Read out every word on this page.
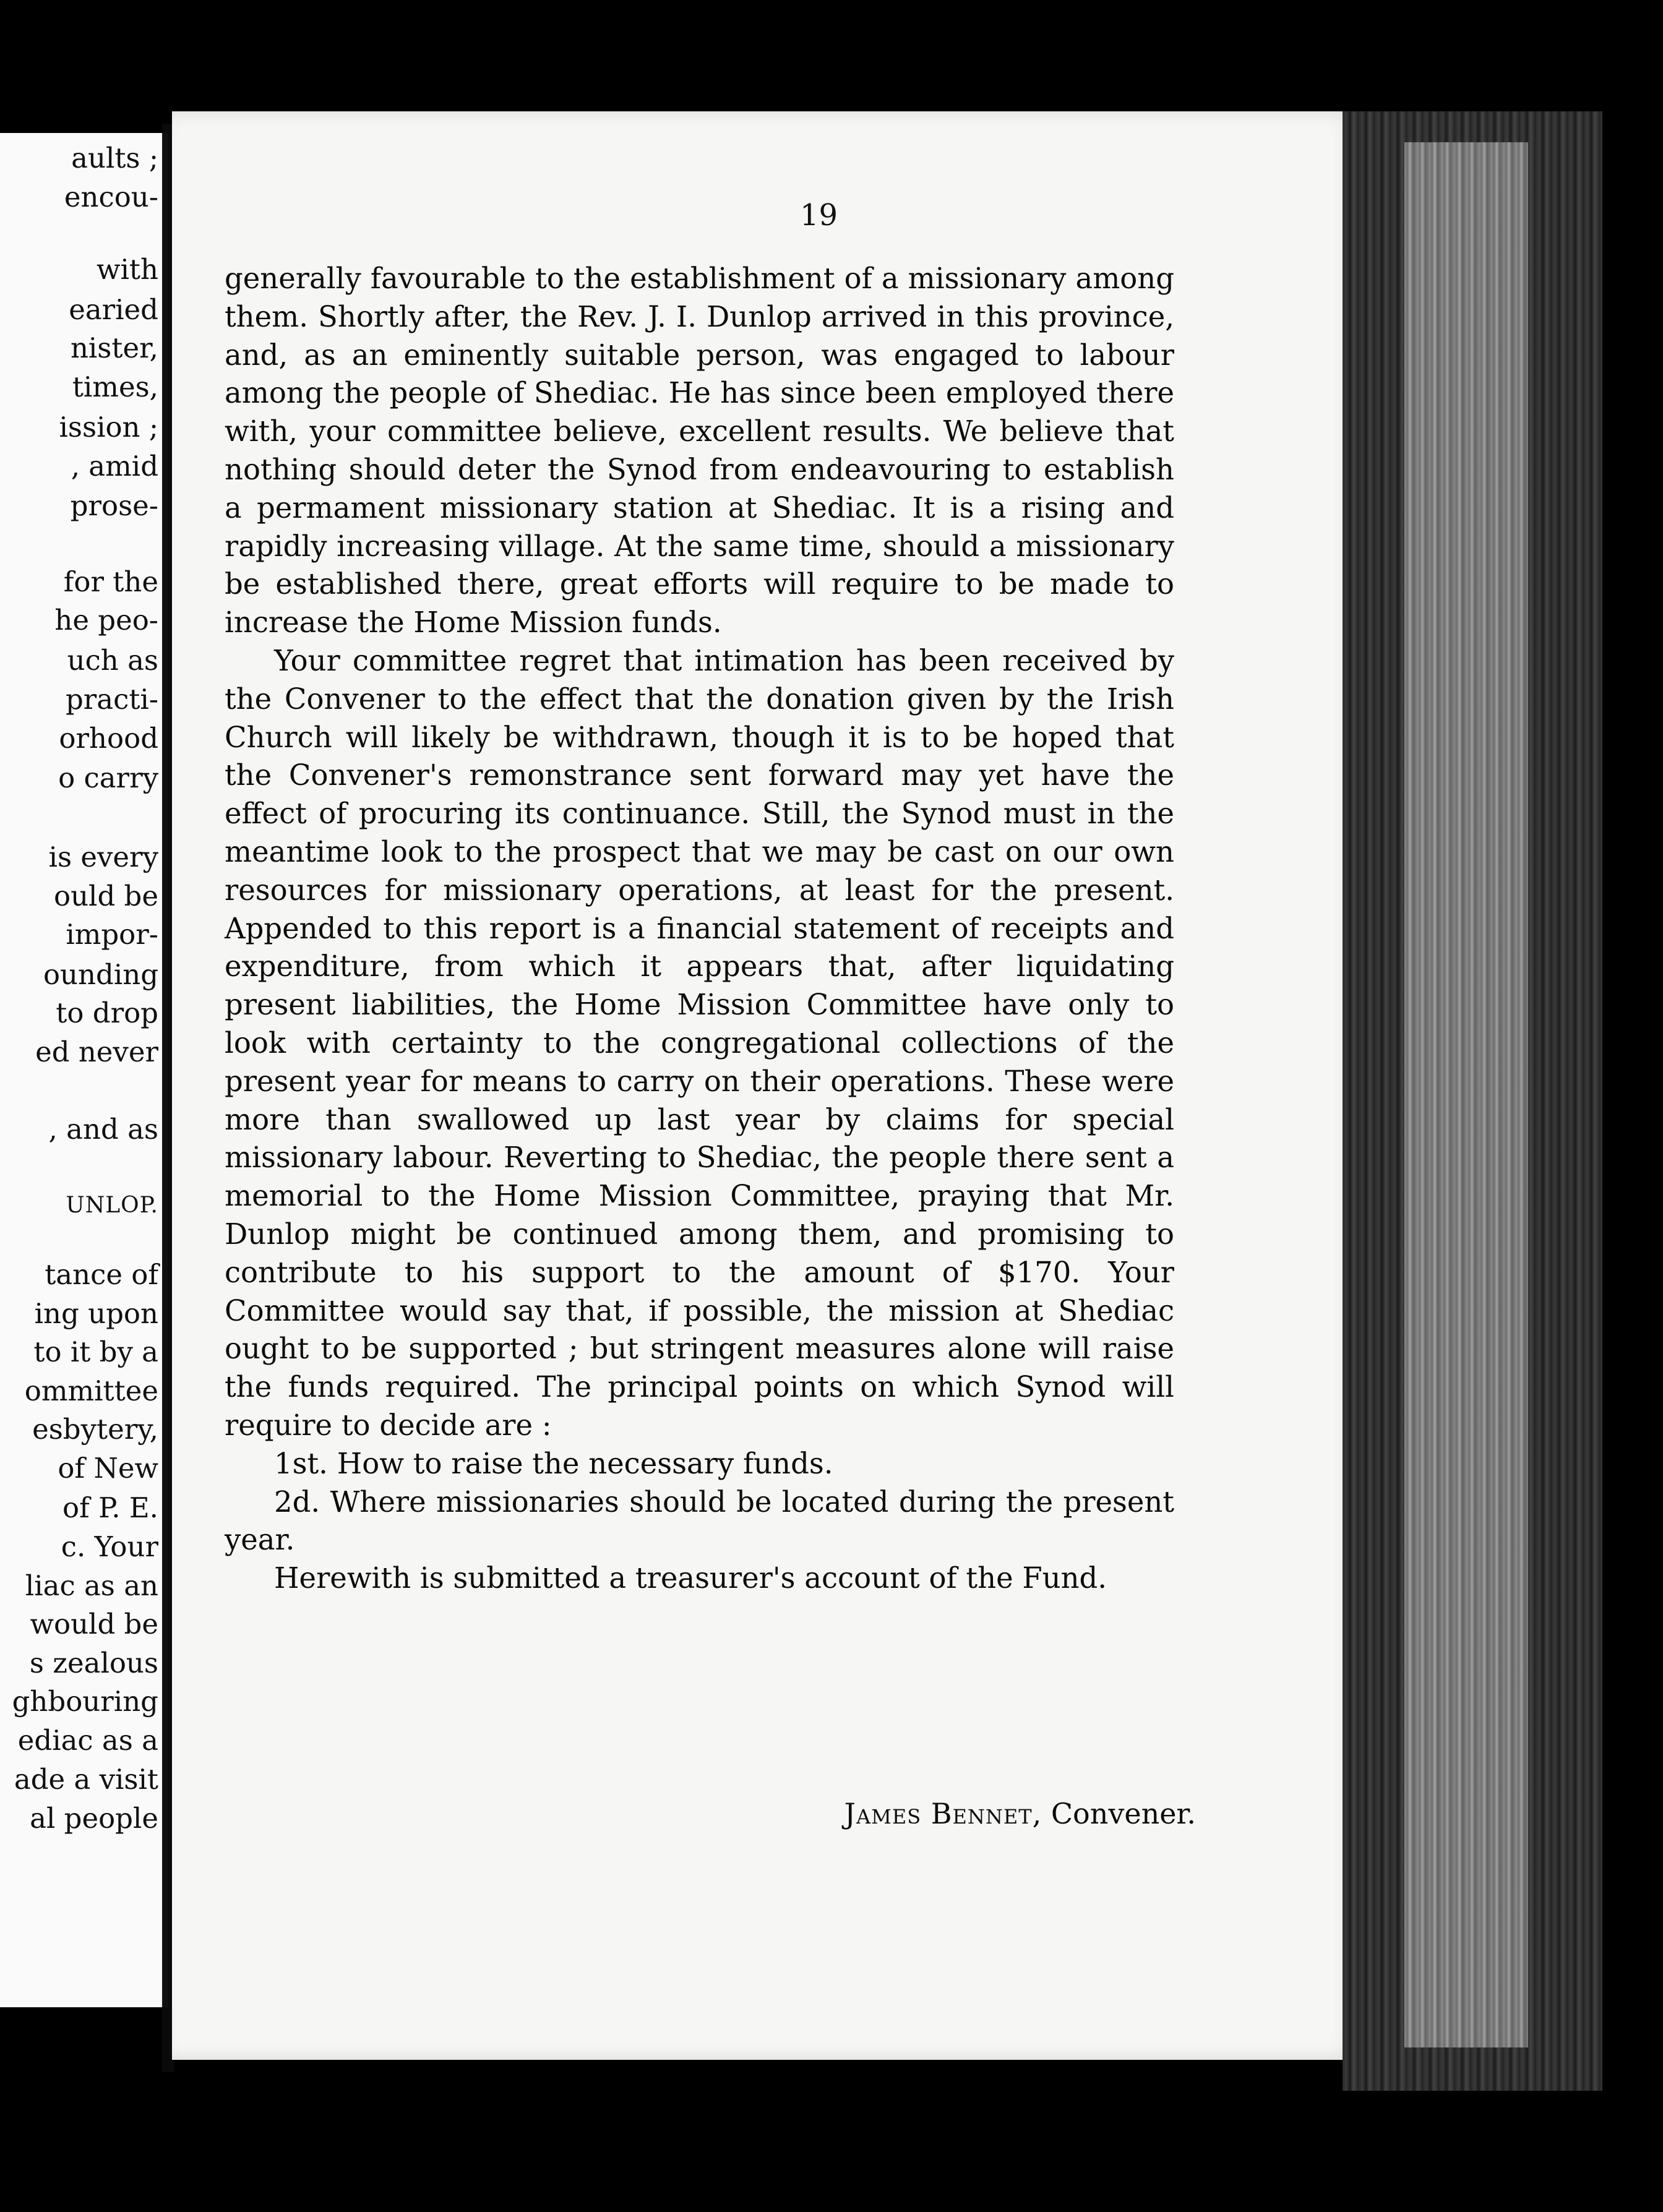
aults ;
encou-
with
earied
nister,
times,
ission ;
, amid
prose-
for the
he peo-
uch as
practi-
orhood
o carry
is every
ould be
impor-
ounding
to drop
ed never
, and as
UNLOP.
tance of
ing upon
to it by a
ommittee
esbytery,
of New
of P. E.
c. Your
liac as an
would be
s zealous
ghbouring
ediac as a
ade a visit
al people
19

generally favourable to the establishment of a missionary among them. Shortly after, the Rev. J. I. Dunlop arrived in this province, and, as an eminently suitable person, was engaged to labour among the people of Shediac. He has since been employed there with, your committee believe, excellent results. We believe that nothing should deter the Synod from endeavouring to establish a permament missionary station at Shediac. It is a rising and rapidly increasing village. At the same time, should a missionary be established there, great efforts will require to be made to increase the Home Mission funds.

Your committee regret that intimation has been received by the Convener to the effect that the donation given by the Irish Church will likely be withdrawn, though it is to be hoped that the Convener's remonstrance sent forward may yet have the effect of procuring its continuance. Still, the Synod must in the meantime look to the prospect that we may be cast on our own resources for missionary operations, at least for the present. Appended to this report is a financial statement of receipts and expenditure, from which it appears that, after liquidating present liabilities, the Home Mission Committee have only to look with certainty to the congregational collections of the present year for means to carry on their operations. These were more than swallowed up last year by claims for special missionary labour. Reverting to Shediac, the people there sent a memorial to the Home Mission Committee, praying that Mr. Dunlop might be continued among them, and promising to contribute to his support to the amount of $170. Your Committee would say that, if possible, the mission at Shediac ought to be supported ; but stringent measures alone will raise the funds required. The principal points on which Synod will require to decide are :

1st. How to raise the necessary funds.

2d. Where missionaries should be located during the present year.

Herewith is submitted a treasurer's account of the Fund.

James Bennet, Convener.
